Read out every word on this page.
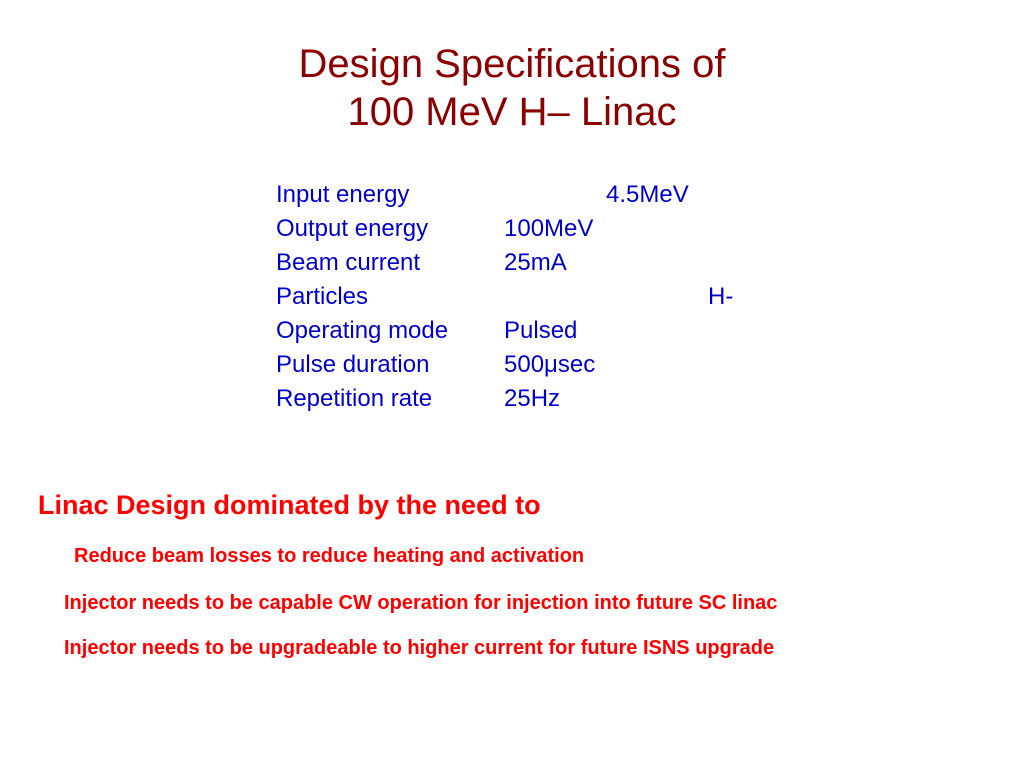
Design Specifications of
100 MeV H– Linac
Input energy	4.5MeV
Output energy	100MeV
Beam current	25mA
Particles	H-
Operating mode Pulsed
Pulse duration	500μsec
Repetition rate	25Hz
Linac Design dominated by the need to
Reduce beam losses to reduce heating and activation
Injector needs to be capable CW operation for injection into future SC linac
Injector needs to be upgradeable to higher current for future ISNS upgrade
